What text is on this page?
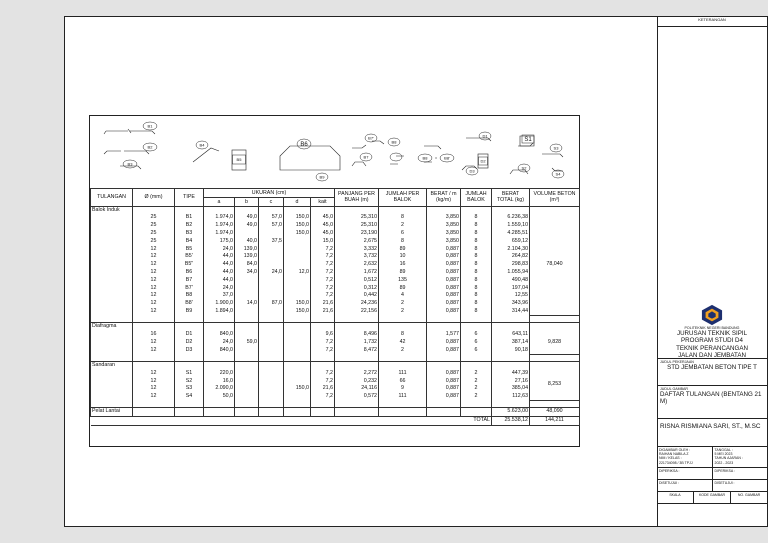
B1
B2
B3
B4
B5
B6
B7
B7'
B8
B8 = B8'
B9
D1
D2
D3
S1
S2
S3
S4
TULANGAN	Ø (mm)	TIPE	UKURAN (cm)					PANJANG PER BUAH (m)	JUMLAH PER BALOK	BERAT / m (kg/m)	JUMLAH BALOK	BERAT TOTAL (kg)	VOLUME BETON (m³)
			a	b	c	d	kait						
Balok Induk													
	25	B1	1.974,0	49,0	57,0	150,0	45,0	25,310	8	3,850	8	6.236,38	78,040
	25	B2	1.974,0	49,0	57,0	150,0	45,0	25,310	2	3,850	8	1.559,10	
	25	B3	1.974,0			150,0	45,0	23,190	6	3,850	8	4.285,51	
	25	B4	175,0	40,0	37,5		15,0	2,675	8	3,850	8	659,12	
	12	B5	24,0	139,0			7,2	3,332	89	0,887	8	2.104,30	
	12	B5'	44,0	139,0			7,2	3,732	10	0,887	8	264,82	
	12	B5"	44,0	84,0			7,2	2,632	16	0,887	8	298,83	
	12	B6	44,0	34,0	24,0	12,0	7,2	1,672	89	0,887	8	1.055,94	
	12	B7	44,0				7,2	0,512	135	0,887	8	490,48	
	12	B7'	24,0				7,2	0,312	89	0,887	8	197,04	
	12	B8	37,0				7,2	0,442	4	0,887	8	12,55	
	12	B8'	1.900,0	14,0	87,0	150,0	21,6	24,236	2	0,887	8	343,96	
	12	B9	1.894,0			150,0	21,6	22,156	2	0,887	8	314,44	

Diafragma													
	16	D1	840,0				9,6	8,496	8	1,577	6	643,11	9,828
	12	D2	24,0	59,0			7,2	1,732	42	0,887	6	387,14	
	12	D3	840,0				7,2	8,472	2	0,887	6	90,18	

Sandaran													
	12	S1	220,0				7,2	2,272	111	0,887	2	447,39	8,253
	12	S2	16,0				7,2	0,232	66	0,887	2	27,16	
	12	S3	2.090,0			150,0	21,6	24,116	9	0,887	2	385,04	
	12	S4	50,0				7,2	0,572	111	0,887	2	112,63	

Pelat Lantai												5.623,00	48,090
											TOTAL	25.538,12	144,211
KETERANGAN
POLITEKNIK NEGERI BANDUNG
JURUSAN TEKNIK SIPIL
PROGRAM STUDI D4
TEKNIK PERANCANGAN
JALAN DAN JEMBATAN
JUDUL PEKERJAAN
STD JEMBATAN BETON TIPE T
JUDUL GAMBAR
DAFTAR TULANGAN (BENTANG 21 M)
RISNA RISMIANA SARI, ST., M.SC
DIGAMBAR OLEH :
RAIHAN NABILA Z
NIM / KELAS :
221734098 / 3B TPJJ
TANGGAL :
5 MEI 2023
TAHUN AJARAN :
2022 - 2023
DIPERIKSA :	DIPERIKSA :
DISETUJUI :	DISETUJUI :
SKALA	KODE GAMBAR	NO. GAMBAR
